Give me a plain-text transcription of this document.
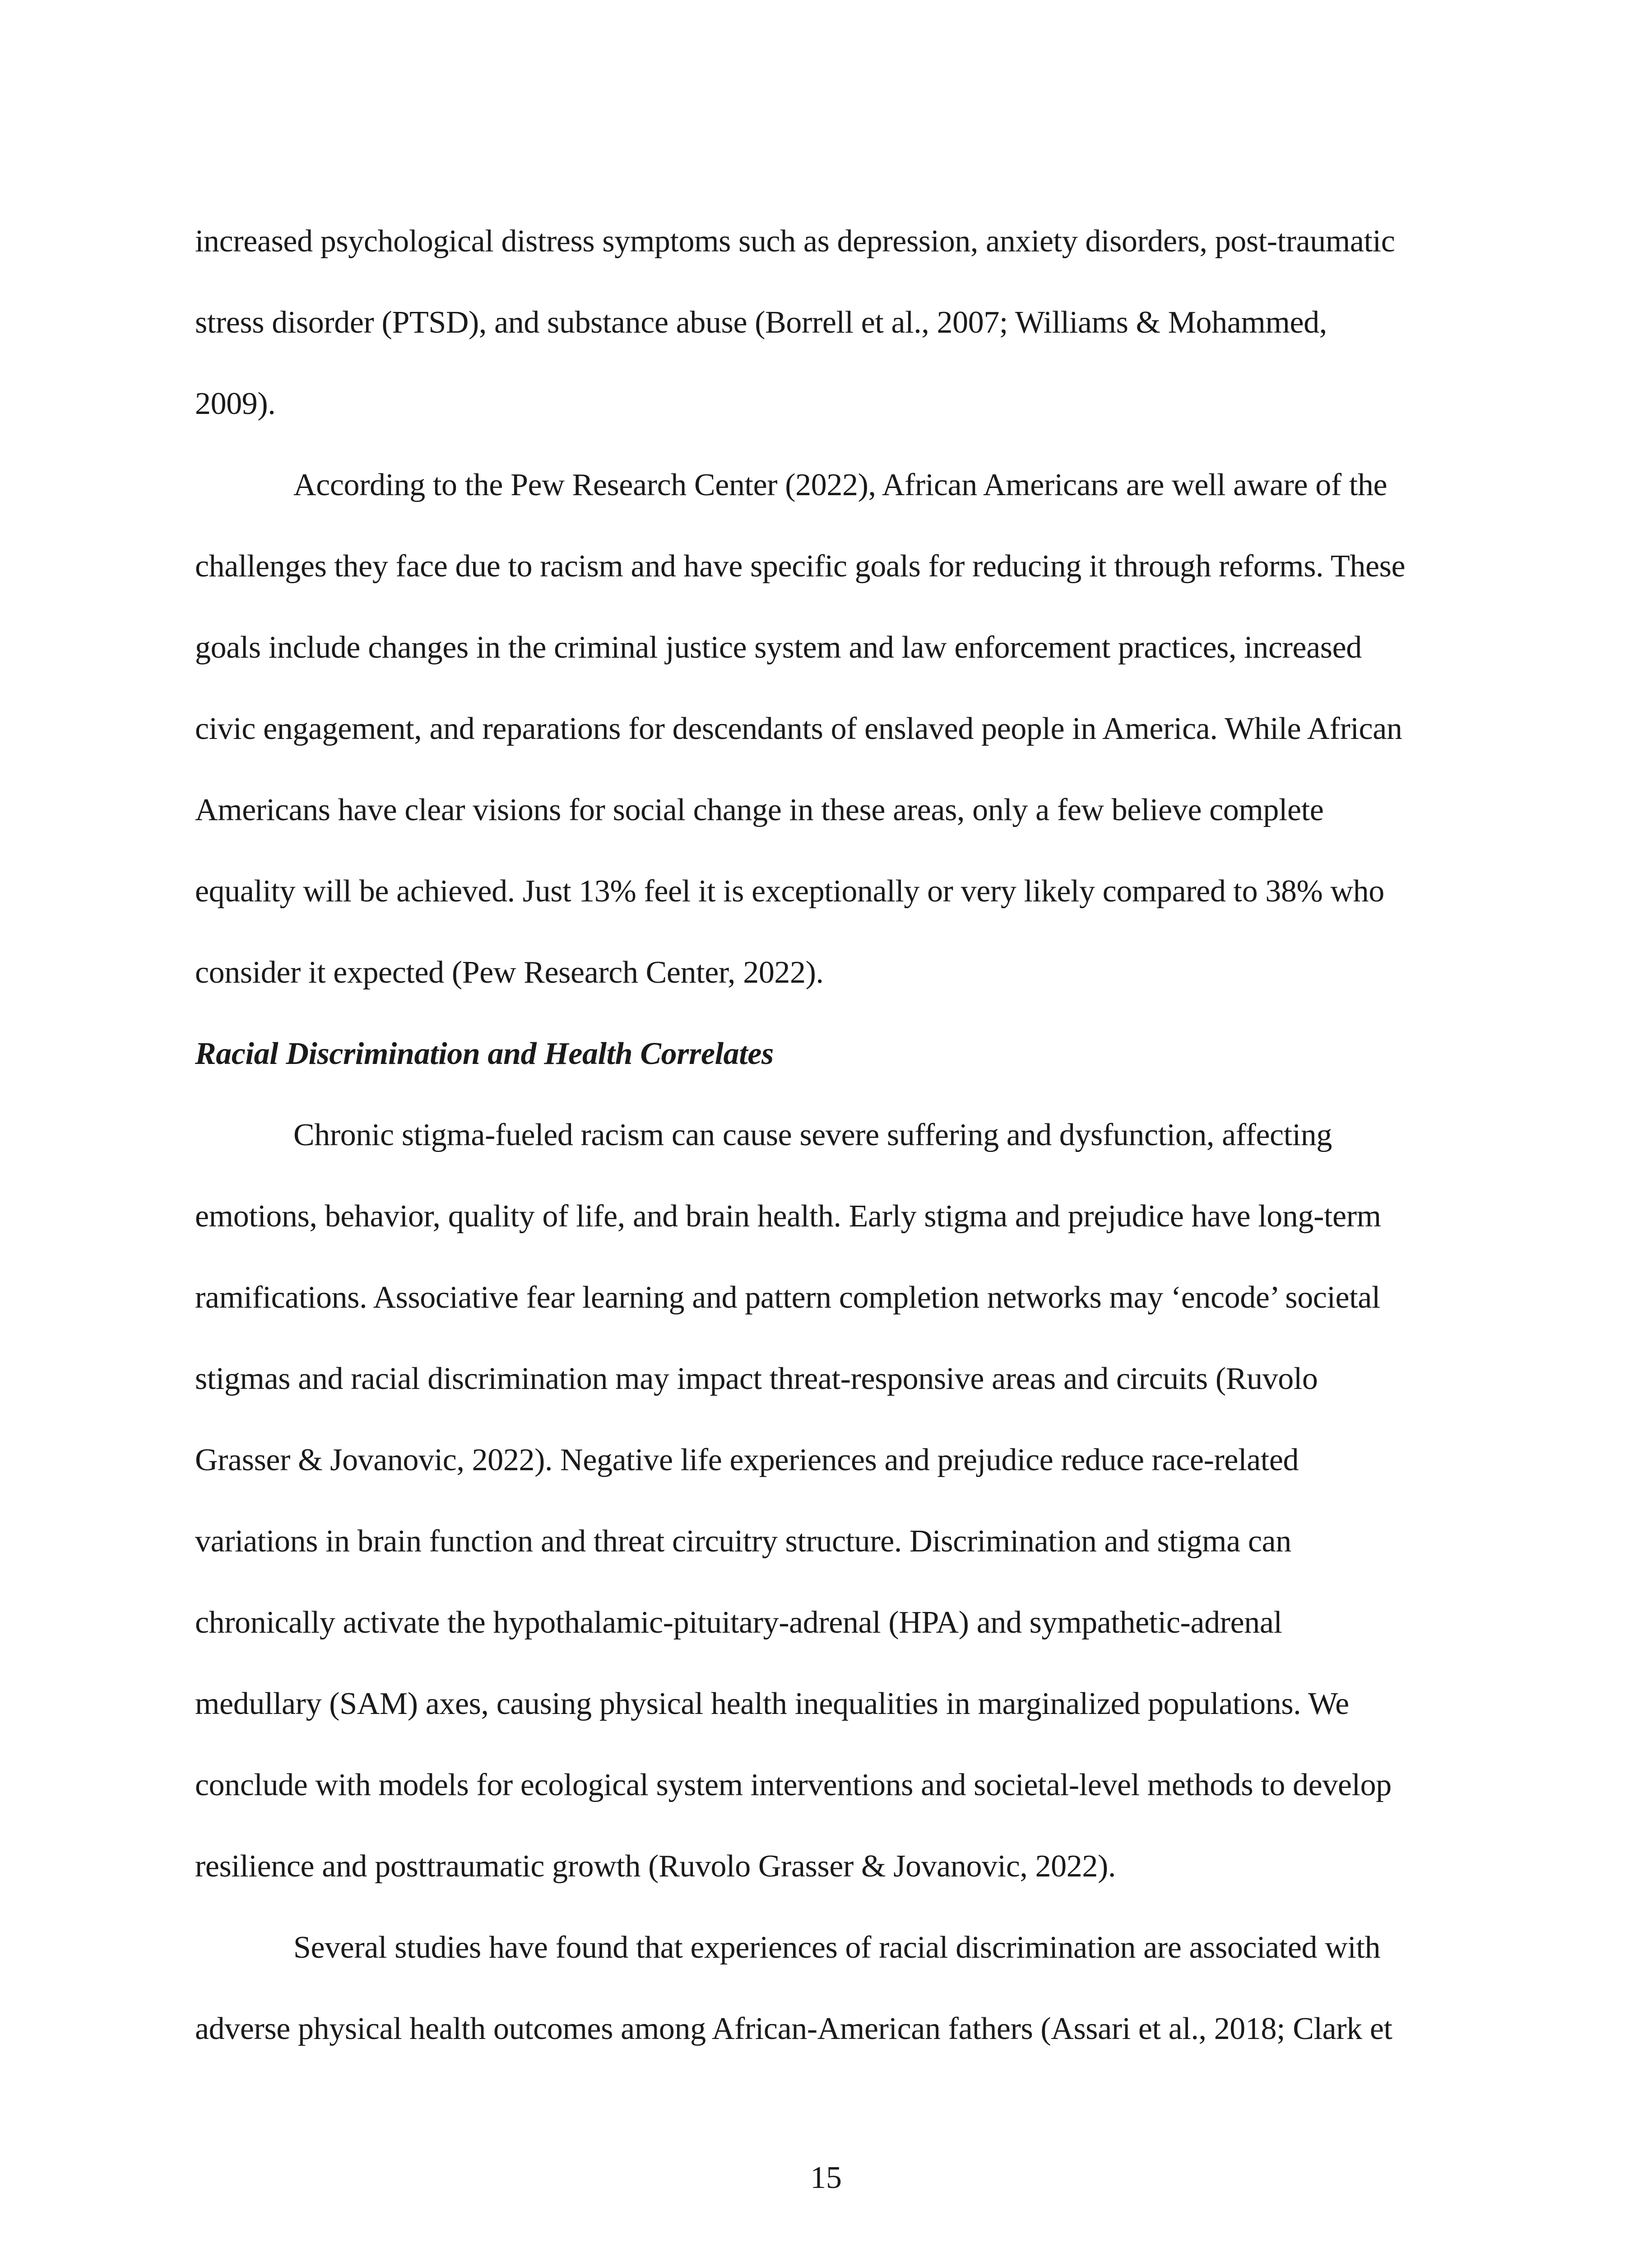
increased psychological distress symptoms such as depression, anxiety disorders, post-traumatic
stress disorder (PTSD), and substance abuse (Borrell et al., 2007; Williams & Mohammed,
2009).
According to the Pew Research Center (2022), African Americans are well aware of the
challenges they face due to racism and have specific goals for reducing it through reforms. These
goals include changes in the criminal justice system and law enforcement practices, increased
civic engagement, and reparations for descendants of enslaved people in America. While African
Americans have clear visions for social change in these areas, only a few believe complete
equality will be achieved. Just 13% feel it is exceptionally or very likely compared to 38% who
consider it expected (Pew Research Center, 2022).
Racial Discrimination and Health Correlates
Chronic stigma-fueled racism can cause severe suffering and dysfunction, affecting
emotions, behavior, quality of life, and brain health. Early stigma and prejudice have long-term
ramifications. Associative fear learning and pattern completion networks may ‘encode’ societal
stigmas and racial discrimination may impact threat-responsive areas and circuits (Ruvolo
Grasser & Jovanovic, 2022). Negative life experiences and prejudice reduce race-related
variations in brain function and threat circuitry structure. Discrimination and stigma can
chronically activate the hypothalamic-pituitary-adrenal (HPA) and sympathetic-adrenal
medullary (SAM) axes, causing physical health inequalities in marginalized populations. We
conclude with models for ecological system interventions and societal-level methods to develop
resilience and posttraumatic growth (Ruvolo Grasser & Jovanovic, 2022).
Several studies have found that experiences of racial discrimination are associated with
adverse physical health outcomes among African-American fathers (Assari et al., 2018; Clark et
15
